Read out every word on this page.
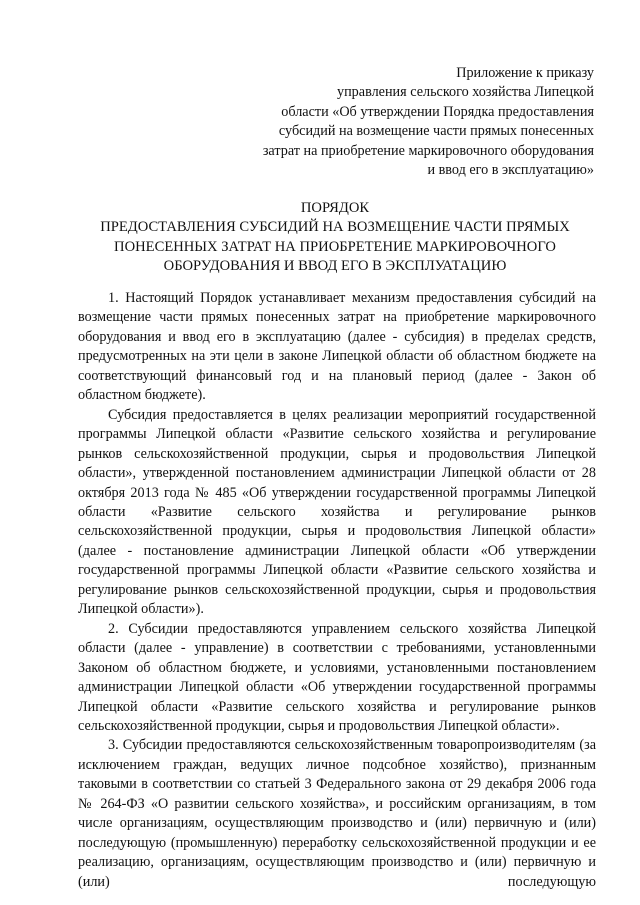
Приложение к приказу
управления сельского хозяйства Липецкой
области «Об утверждении Порядка предоставления
субсидий на возмещение части прямых понесенных
затрат на приобретение маркировочного оборудования
и ввод его в эксплуатацию»
ПОРЯДОК
ПРЕДОСТАВЛЕНИЯ СУБСИДИЙ НА ВОЗМЕЩЕНИЕ ЧАСТИ ПРЯМЫХ
ПОНЕСЕННЫХ ЗАТРАТ НА ПРИОБРЕТЕНИЕ МАРКИРОВОЧНОГО
ОБОРУДОВАНИЯ И ВВОД ЕГО В ЭКСПЛУАТАЦИЮ

1. Настоящий Порядок устанавливает механизм предоставления субсидий на возмещение части прямых понесенных затрат на приобретение маркировочного оборудования и ввод его в эксплуатацию (далее - субсидия) в пределах средств, предусмотренных на эти цели в законе Липецкой области об областном бюджете на соответствующий финансовый год и на плановый период (далее - Закон об областном бюджете).

Субсидия предоставляется в целях реализации мероприятий государственной программы Липецкой области «Развитие сельского хозяйства и регулирование рынков сельскохозяйственной продукции, сырья и продовольствия Липецкой области», утвержденной постановлением администрации Липецкой области от 28 октября 2013 года № 485 «Об утверждении государственной программы Липецкой области «Развитие сельского хозяйства и регулирование рынков сельскохозяйственной продукции, сырья и продовольствия Липецкой области» (далее - постановление администрации Липецкой области «Об утверждении государственной программы Липецкой области «Развитие сельского хозяйства и регулирование рынков сельскохозяйственной продукции, сырья и продовольствия Липецкой области»).

2. Субсидии предоставляются управлением сельского хозяйства Липецкой области (далее - управление) в соответствии с требованиями, установленными Законом об областном бюджете, и условиями, установленными постановлением администрации Липецкой области «Об утверждении государственной программы Липецкой области «Развитие сельского хозяйства и регулирование рынков сельскохозяйственной продукции, сырья и продовольствия Липецкой области».

3. Субсидии предоставляются сельскохозяйственным товаропроизводителям (за исключением граждан, ведущих личное подсобное хозяйство), признанным таковыми в соответствии со статьей 3 Федерального закона от 29 декабря 2006 года № 264-ФЗ «О развитии сельского хозяйства», и российским организациям, в том числе организациям, осуществляющим производство и (или) первичную и (или) последующую (промышленную) переработку сельскохозяйственной продукции и ее реализацию, организациям, осуществляющим производство и (или) первичную и (или) последующую
